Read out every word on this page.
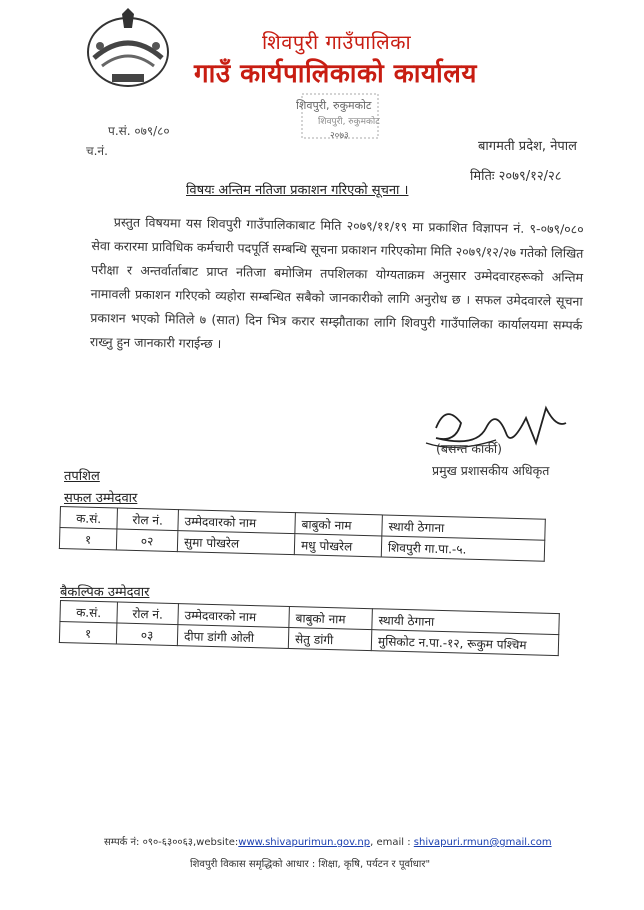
शिवपुरी गाउँपालिका
गाउँ कार्यपालिकाको कार्यालय
शिवपुरी, रुकुमकोट
शिवपुरी, रुकुमकोट
२०७३
प.सं. ०७९/८०
च.नं.	बागमती प्रदेश, नेपाल
मितिः २०७९/१२/२८
विषयः अन्तिम नतिजा प्रकाशन गरिएको सूचना ।
प्रस्तुत विषयमा यस शिवपुरी गाउँपालिकाबाट मिति २०७९/११/१९ मा प्रकाशित विज्ञापन नं. ९-०७९/०८० सेवा करारमा प्राविधिक कर्मचारी पदपूर्ति सम्बन्धि सूचना प्रकाशन गरिएकोमा मिति २०७९/१२/२७ गतेको लिखित परीक्षा र अन्तर्वार्ताबाट प्राप्त नतिजा बमोजिम तपशिलका योग्यताक्रम अनुसार उम्मेदवारहरूको अन्तिम नामावली प्रकाशन गरिएको व्यहोरा सम्बन्धित सबैको जानकारीको लागि अनुरोध छ । सफल उमेदवारले सूचना प्रकाशन भएको मितिले ७ (सात) दिन भित्र करार सम्झौताका लागि शिवपुरी गाउँपालिका कार्यालयमा सम्पर्क राख्नु हुन जानकारी गराईन्छ ।
(बसन्त कार्की)
प्रमुख प्रशासकीय अधिकृत
तपशिल
सफल उम्मेदवार
क.सं.	रोल नं.	उम्मेदवारको नाम	बाबुको नाम	स्थायी ठेगाना
१	०२	सुमा पोखरेल	मधु पोखरेल	शिवपुरी गा.पा.-५.
बैकल्पिक उम्मेदवार
क.सं.	रोल नं.	उम्मेदवारको नाम	बाबुको नाम	स्थायी ठेगाना
१	०३	दीपा डांगी ओली	सेतु डांगी	मुसिकोट न.पा.-१२, रूकुम पश्चिम
सम्पर्क नं: ०९०-६३००६३,website:www.shivapurimun.gov.np, email : shivapuri.rmun@gmail.com
शिवपुरी विकास समृद्धिको आधार : शिक्षा, कृषि, पर्यटन र पूर्वाधार"
